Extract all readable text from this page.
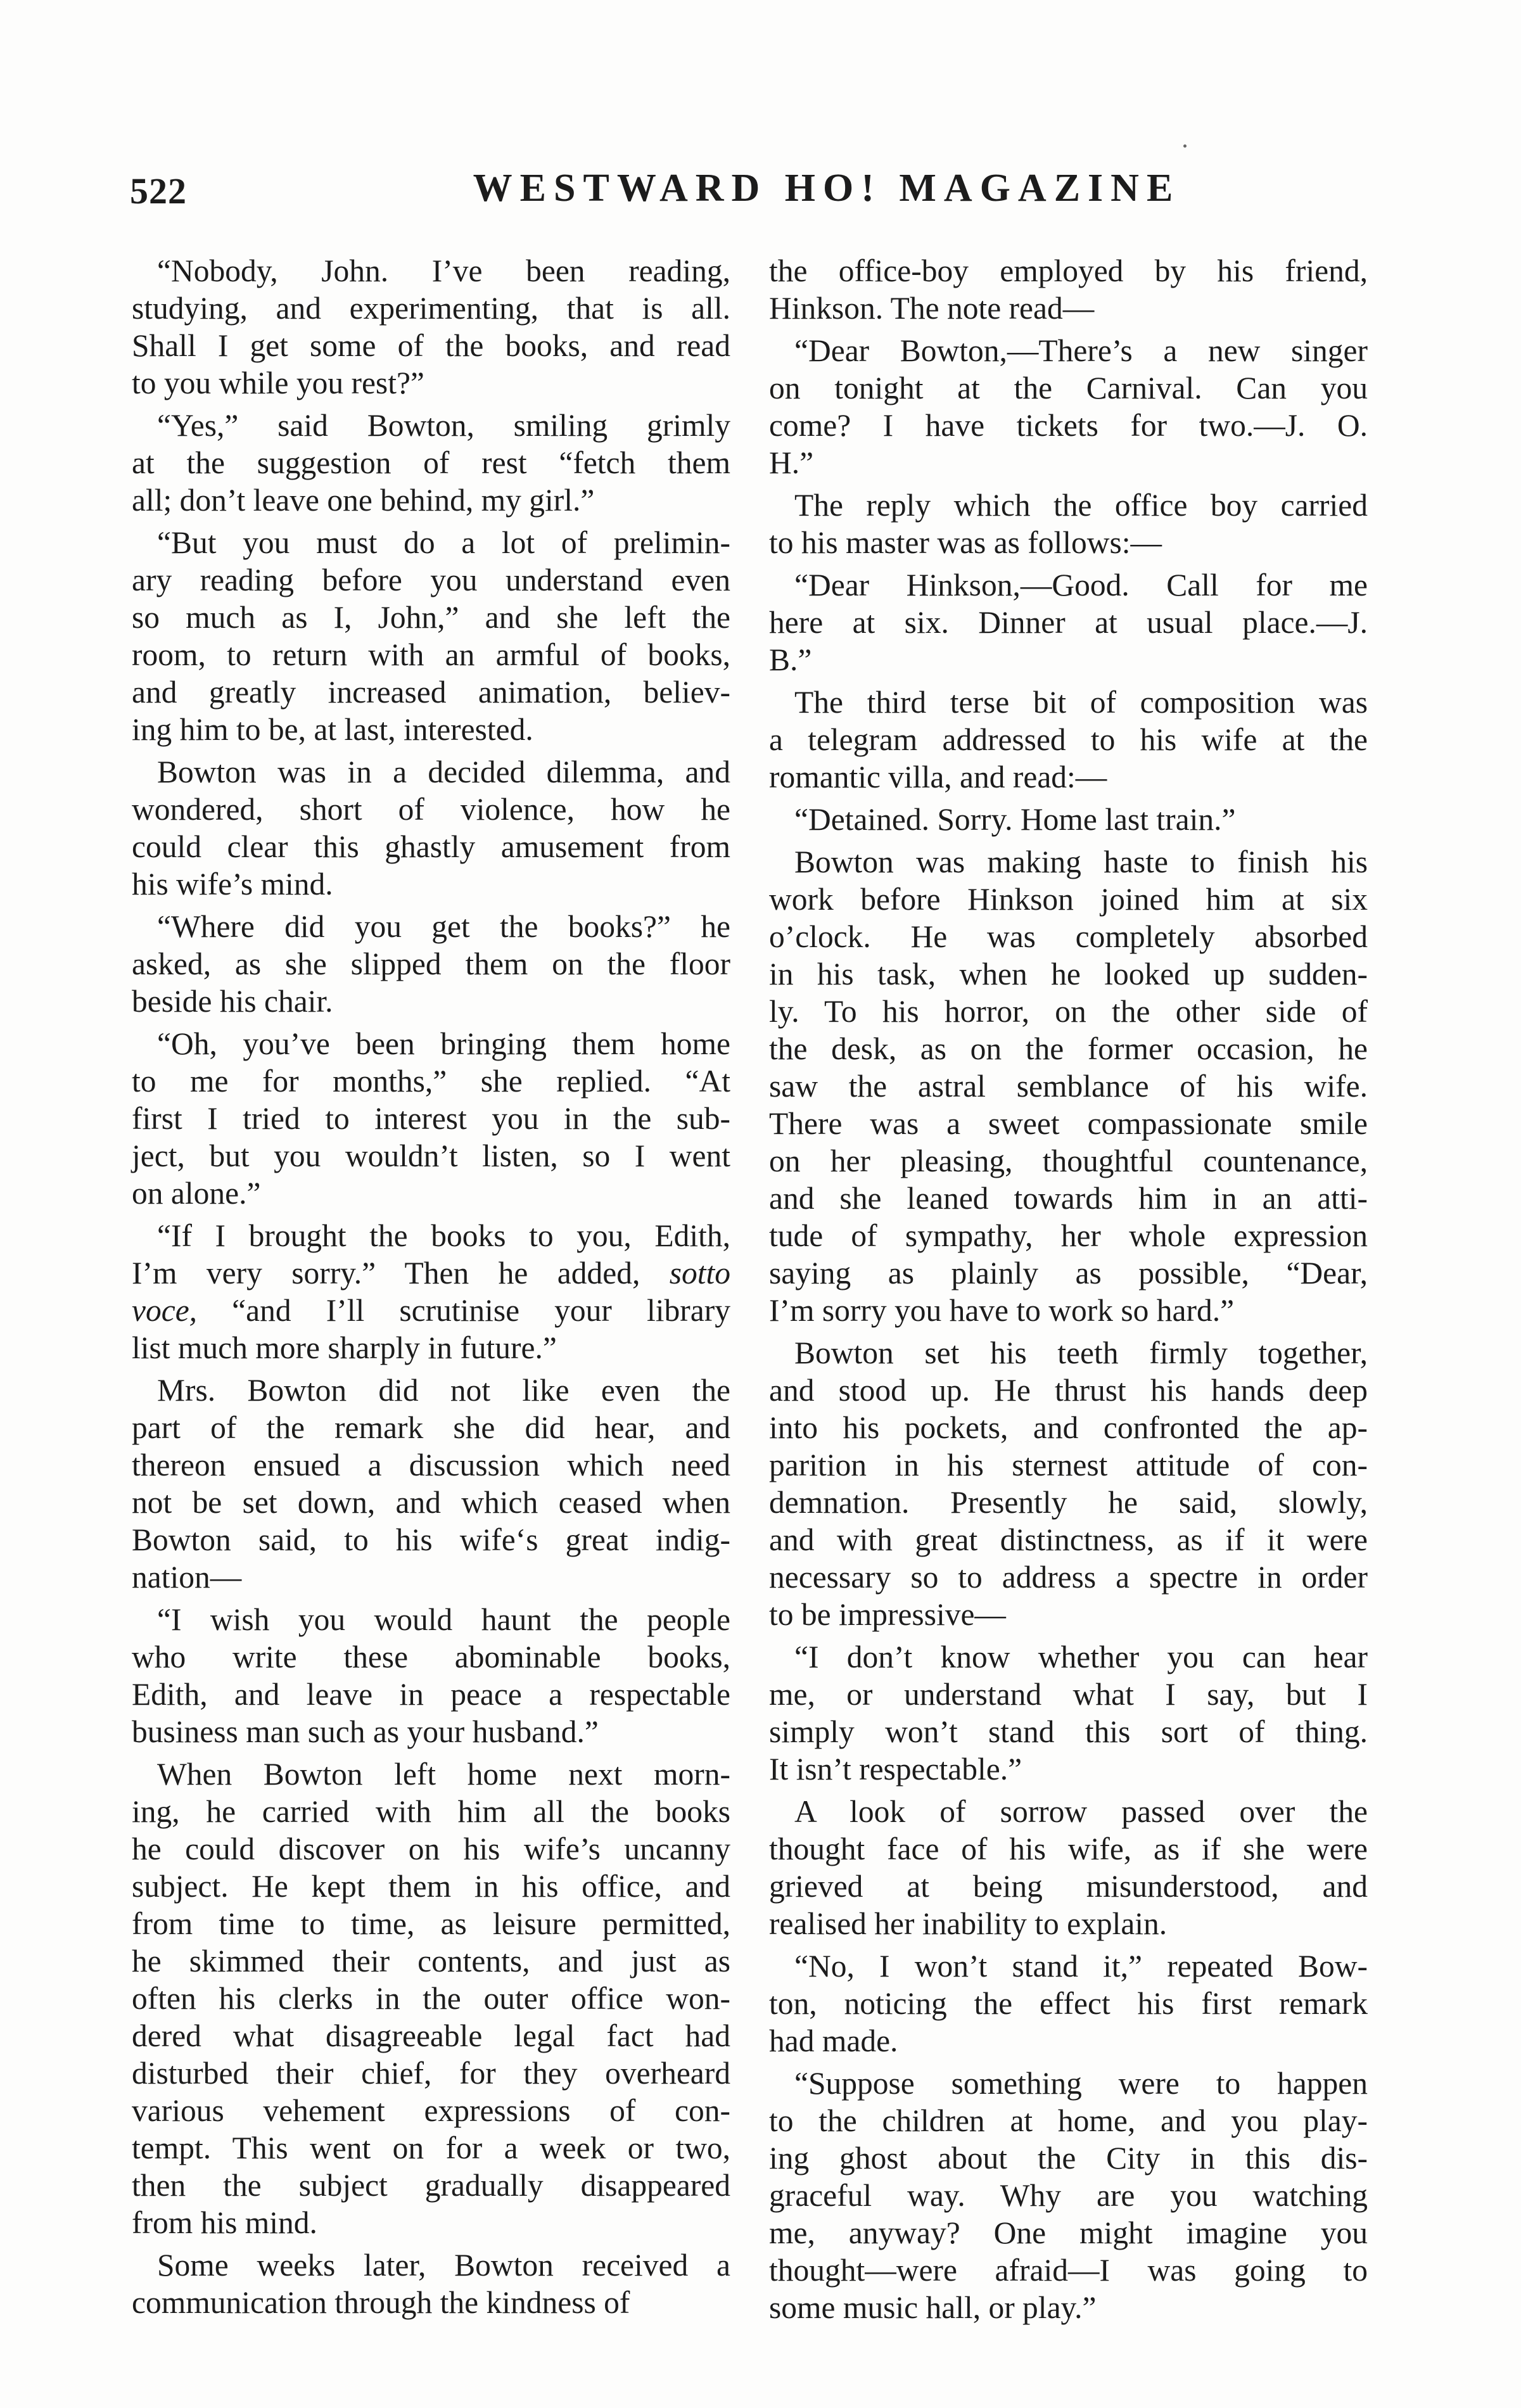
522	WESTWARD HO! MAGAZINE

“Nobody, John. I’ve been reading,
studying, and experimenting, that is all.
Shall I get some of the books, and read
to you while you rest?”

“Yes,” said Bowton, smiling grimly
at the suggestion of rest “fetch them
all; don’t leave one behind, my girl.”

“But you must do a lot of prelimin-
ary reading before you understand even
so much as I, John,” and she left the
room, to return with an armful of books,
and greatly increased animation, believ-
ing him to be, at last, interested.

Bowton was in a decided dilemma, and
wondered, short of violence, how he
could clear this ghastly amusement from
his wife’s mind.

“Where did you get the books?” he
asked, as she slipped them on the floor
beside his chair.

“Oh, you’ve been bringing them home
to me for months,” she replied. “At
first I tried to interest you in the sub-
ject, but you wouldn’t listen, so I went
on alone.”

“If I brought the books to you, Edith,
I’m very sorry.” Then he added, sotto
voce, “and I’ll scrutinise your library
list much more sharply in future.”

Mrs. Bowton did not like even the
part of the remark she did hear, and
thereon ensued a discussion which need
not be set down, and which ceased when
Bowton said, to his wife‘s great indig-
nation—

“I wish you would haunt the people
who write these abominable books,
Edith, and leave in peace a respectable
business man such as your husband.”

When Bowton left home next morn-
ing, he carried with him all the books
he could discover on his wife’s uncanny
subject. He kept them in his office, and
from time to time, as leisure permitted,
he skimmed their contents, and just as
often his clerks in the outer office won-
dered what disagreeable legal fact had
disturbed their chief, for they overheard
various vehement expressions of con-
tempt. This went on for a week or two,
then the subject gradually disappeared
from his mind.

Some weeks later, Bowton received a
communication through the kindness of

the office-boy employed by his friend,
Hinkson. The note read—

“Dear Bowton,—There’s a new singer
on tonight at the Carnival. Can you
come? I have tickets for two.—J. O.
H.”

The reply which the office boy carried
to his master was as follows:—

“Dear Hinkson,—Good. Call for me
here at six. Dinner at usual place.—J.
B.”

The third terse bit of composition was
a telegram addressed to his wife at the
romantic villa, and read:—

“Detained. Sorry. Home last train.”

Bowton was making haste to finish his
work before Hinkson joined him at six
o’clock. He was completely absorbed
in his task, when he looked up sudden-
ly. To his horror, on the other side of
the desk, as on the former occasion, he
saw the astral semblance of his wife.
There was a sweet compassionate smile
on her pleasing, thoughtful countenance,
and she leaned towards him in an atti-
tude of sympathy, her whole expression
saying as plainly as possible, “Dear,
I’m sorry you have to work so hard.”

Bowton set his teeth firmly together,
and stood up. He thrust his hands deep
into his pockets, and confronted the ap-
parition in his sternest attitude of con-
demnation. Presently he said, slowly,
and with great distinctness, as if it were
necessary so to address a spectre in order
to be impressive—

“I don’t know whether you can hear
me, or understand what I say, but I
simply won’t stand this sort of thing.
It isn’t respectable.”

A look of sorrow passed over the
thought face of his wife, as if she were
grieved at being misunderstood, and
realised her inability to explain.

“No, I won’t stand it,” repeated Bow-
ton, noticing the effect his first remark
had made.

“Suppose something were to happen
to the children at home, and you play-
ing ghost about the City in this dis-
graceful way. Why are you watching
me, anyway? One might imagine you
thought—were afraid—I was going to
some music hall, or play.”
